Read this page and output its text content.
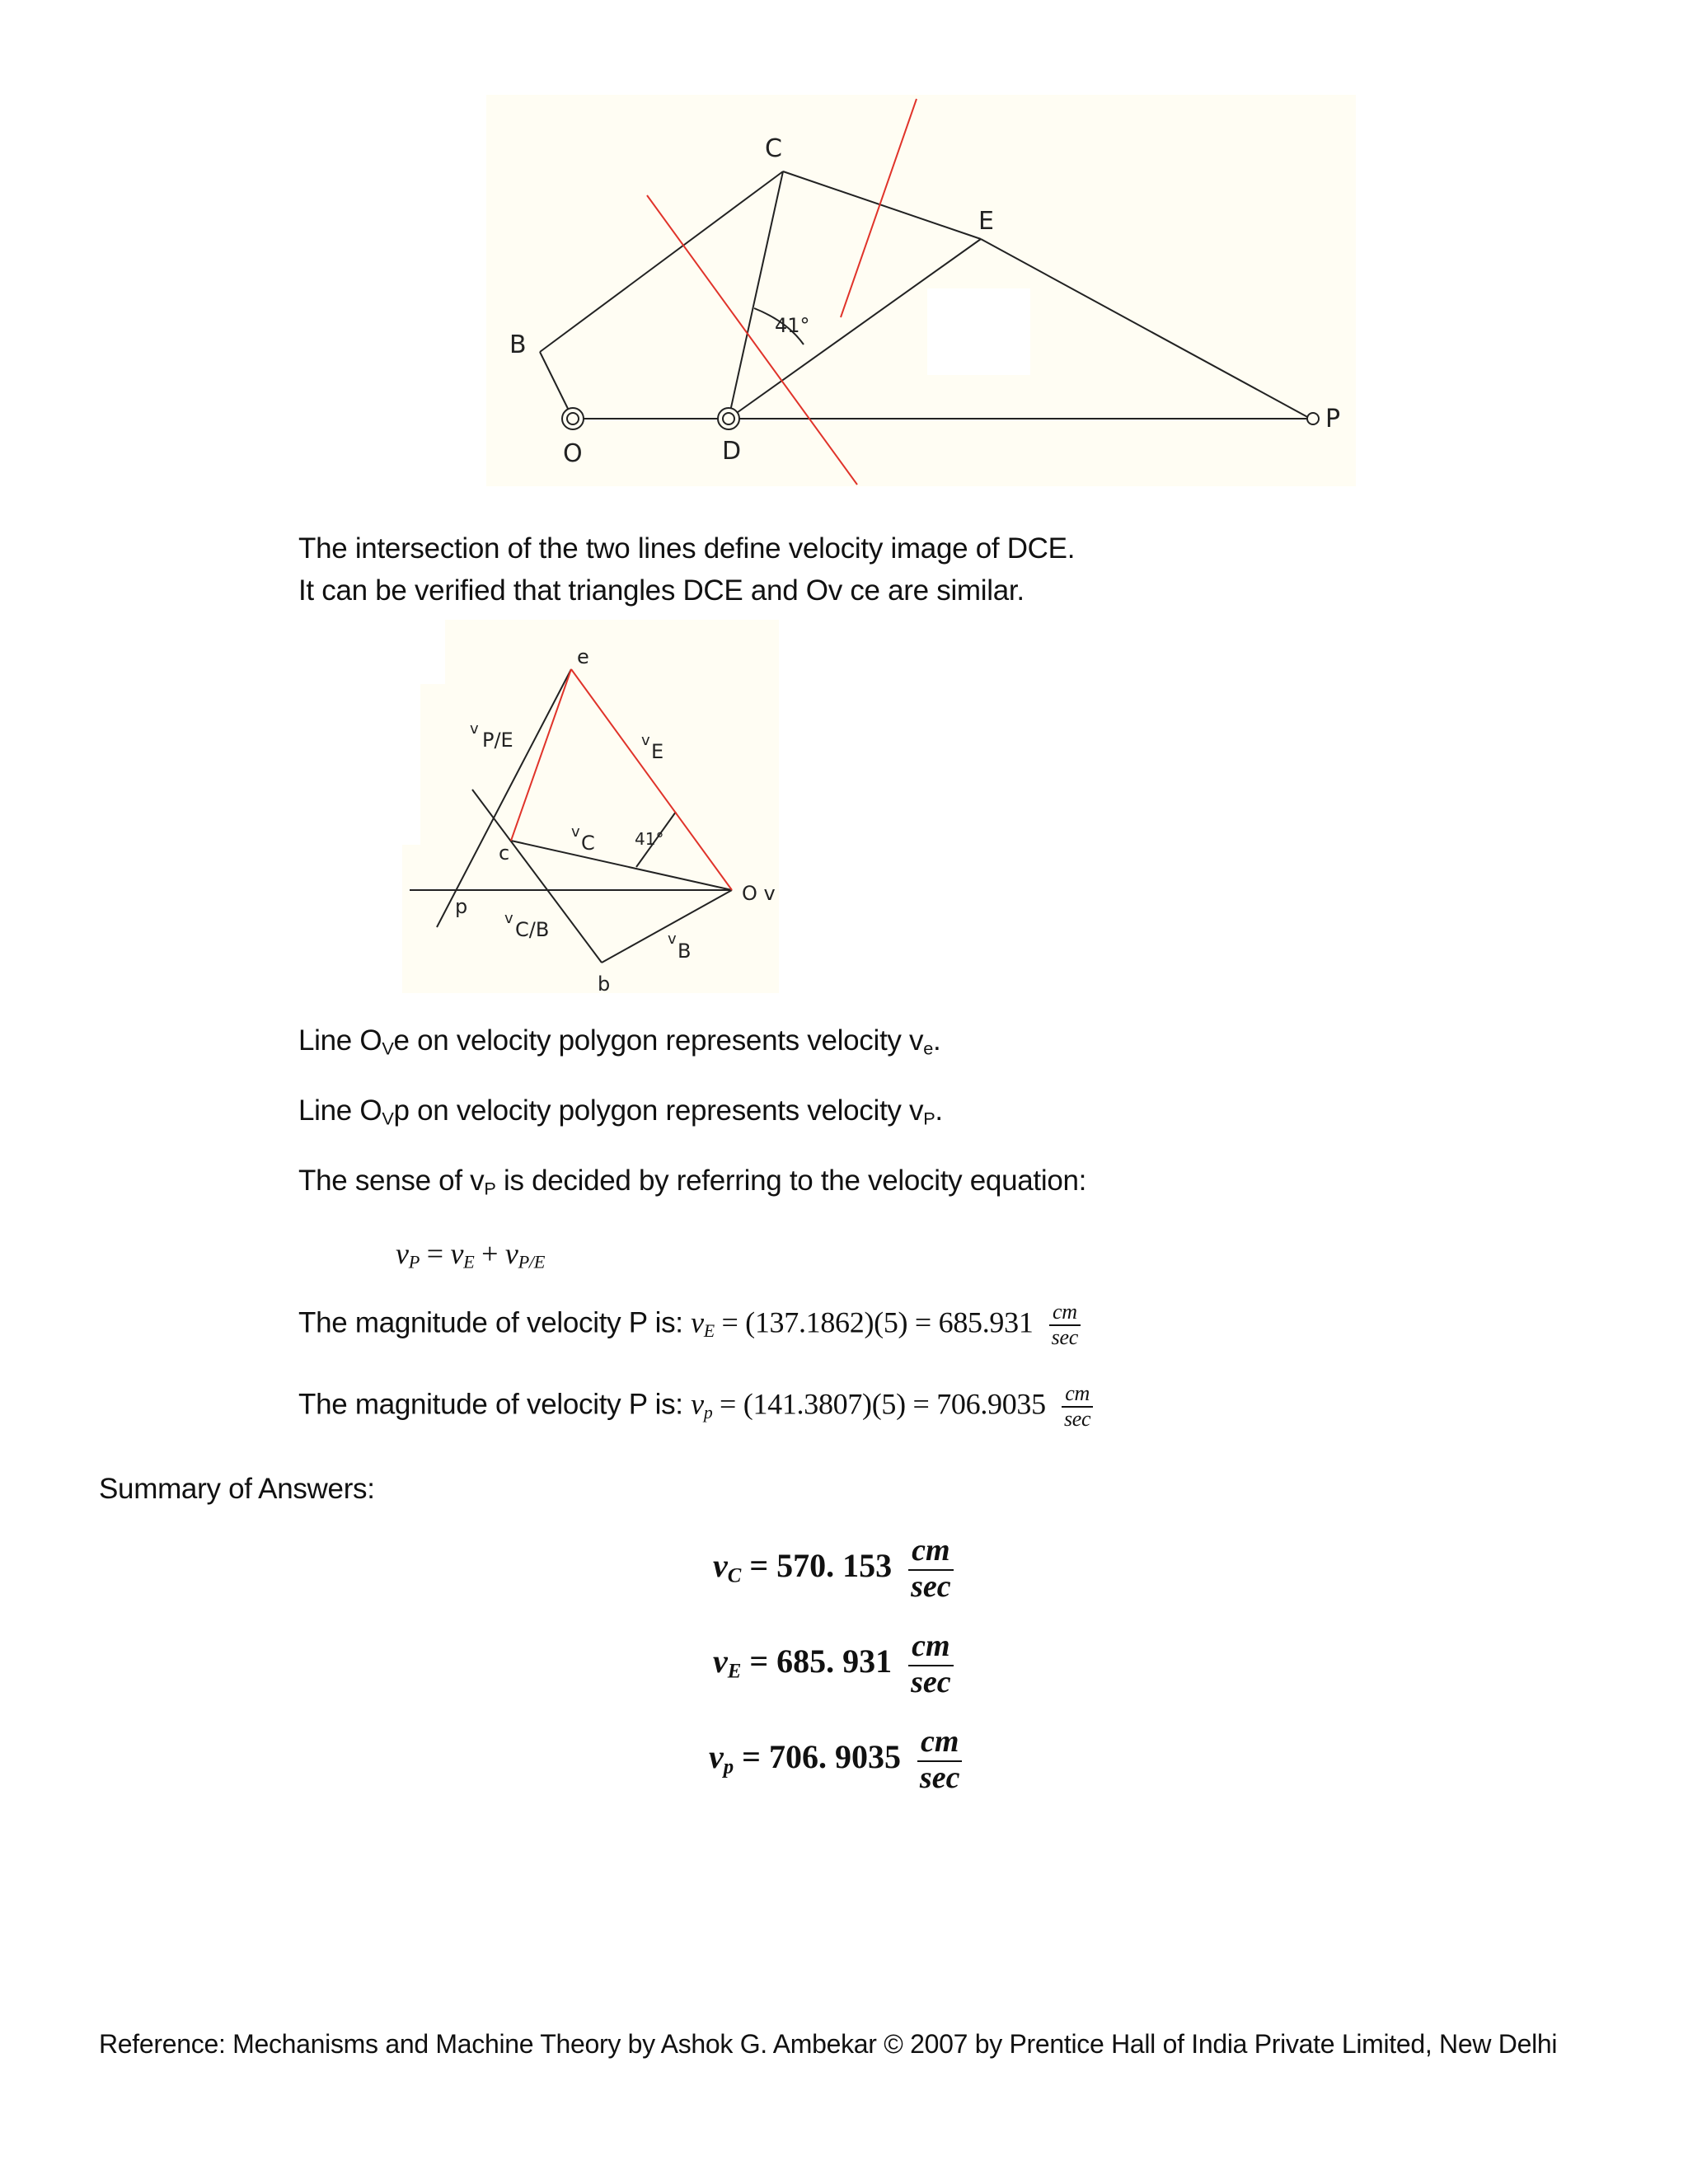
C
E
B
O	D
P
41°
The intersection of the two lines define velocity image of DCE.
It can be verified that triangles DCE and Ov ce are similar.
e
c
p
b
O v
v P/E	v E
v C
v C/B	v
B
41°
Line $O_Ve$ on velocity polygon represents velocity $v_e$.
Line $O_Vp$ on velocity polygon represents velocity $v_P$.
The sense of $v_P$ is decided by referring to the velocity equation:
$v_P = v_E + v_{P/E}$
The magnitude of velocity P is: $v_E = (137.1862)(5) = 685.931 \frac{cm}{\sec}$
The magnitude of velocity P is: $v_p = (141.3807)(5) = 706.9035 \frac{cm}{\sec}$
Summary of Answers:
$v_C = 570$. $153 \frac{cm}{\sec}$
$v_E = 685$. $931 \frac{cm}{\sec}$
$v_p = 706$. $9035 \frac{cm}{\sec}$
Reference: Mechanisms and Machine Theory by Ashok G. Ambekar © 2007 by Prentice Hall of India Private Limited, New Delhi
